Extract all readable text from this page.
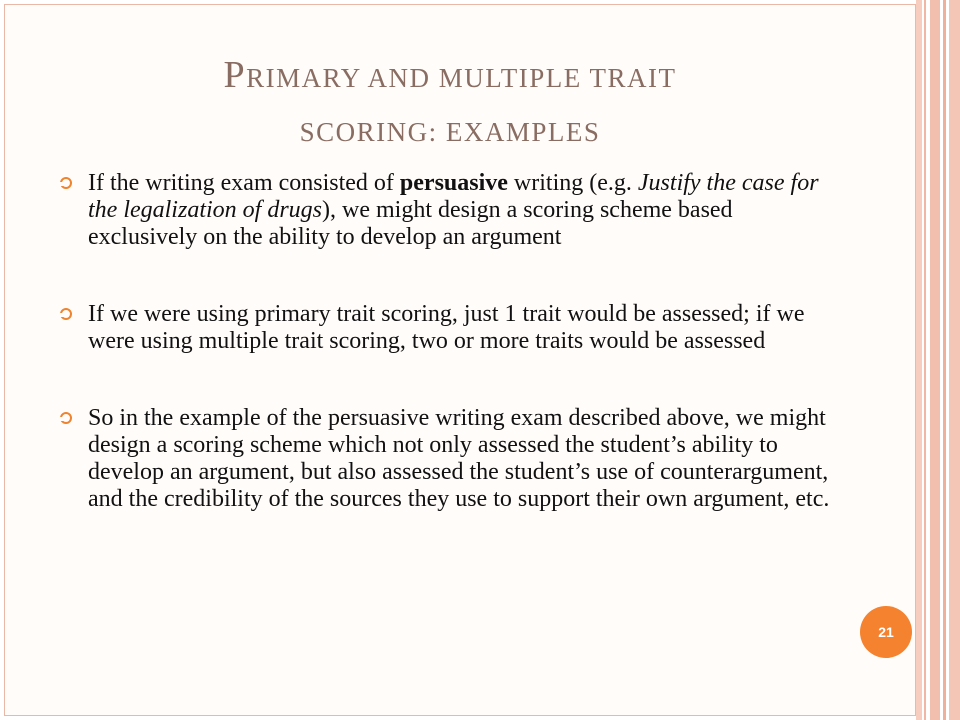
PRIMARY AND MULTIPLE TRAIT
SCORING: EXAMPLES
If the writing exam consisted of persuasive writing (e.g. Justify the case for the legalization of drugs), we might design a scoring scheme based exclusively on the ability to develop an argument
If we were using primary trait scoring, just 1 trait would be assessed; if we were using multiple trait scoring, two or more traits would be assessed
So in the example of the persuasive writing exam described above, we might design a scoring scheme which not only assessed the student’s ability to develop an argument, but also assessed the student’s use of counterargument, and the credibility of the sources they use to support their own argument, etc.
21
